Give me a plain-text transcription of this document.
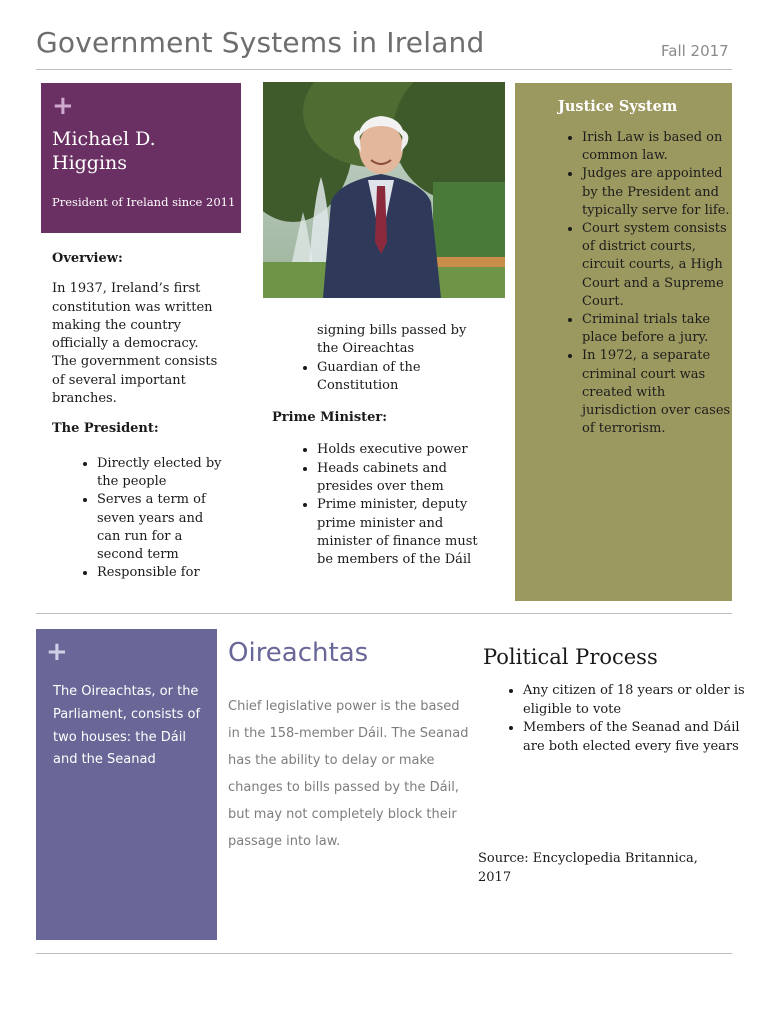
Government Systems in Ireland	Fall 2017
+
Michael D.
Higgins
President of Ireland since 2011

Overview:

In 1937, Ireland’s first constitution was written making the country officially a democracy. The government consists of several important branches.

The President:

• Directly elected by the people
• Serves a term of seven years and can run for a second term
• Responsible for
signing bills passed by the Oireachtas
• Guardian of the Constitution
Prime Minister:
• Holds executive power
• Heads cabinets and presides over them
• Prime minister, deputy prime minister and minister of finance must be members of the Dáil
Justice System
• Irish Law is based on common law.
• Judges are appointed by the President and typically serve for life.
• Court system consists of district courts, circuit courts, a High Court and a Supreme Court.
• Criminal trials take place before a jury.
• In 1972, a separate criminal court was created with jurisdiction over cases of terrorism.
+
The Oireachtas, or the Parliament, consists of two houses: the Dáil and the Seanad
Oireachtas
Chief legislative power is the based in the 158-member Dáil. The Seanad has the ability to delay or make changes to bills passed by the Dáil, but may not completely block their passage into law.
Political Process
• Any citizen of 18 years or older is eligible to vote
• Members of the Seanad and Dáil are both elected every five years
Source: Encyclopedia Britannica, 2017
